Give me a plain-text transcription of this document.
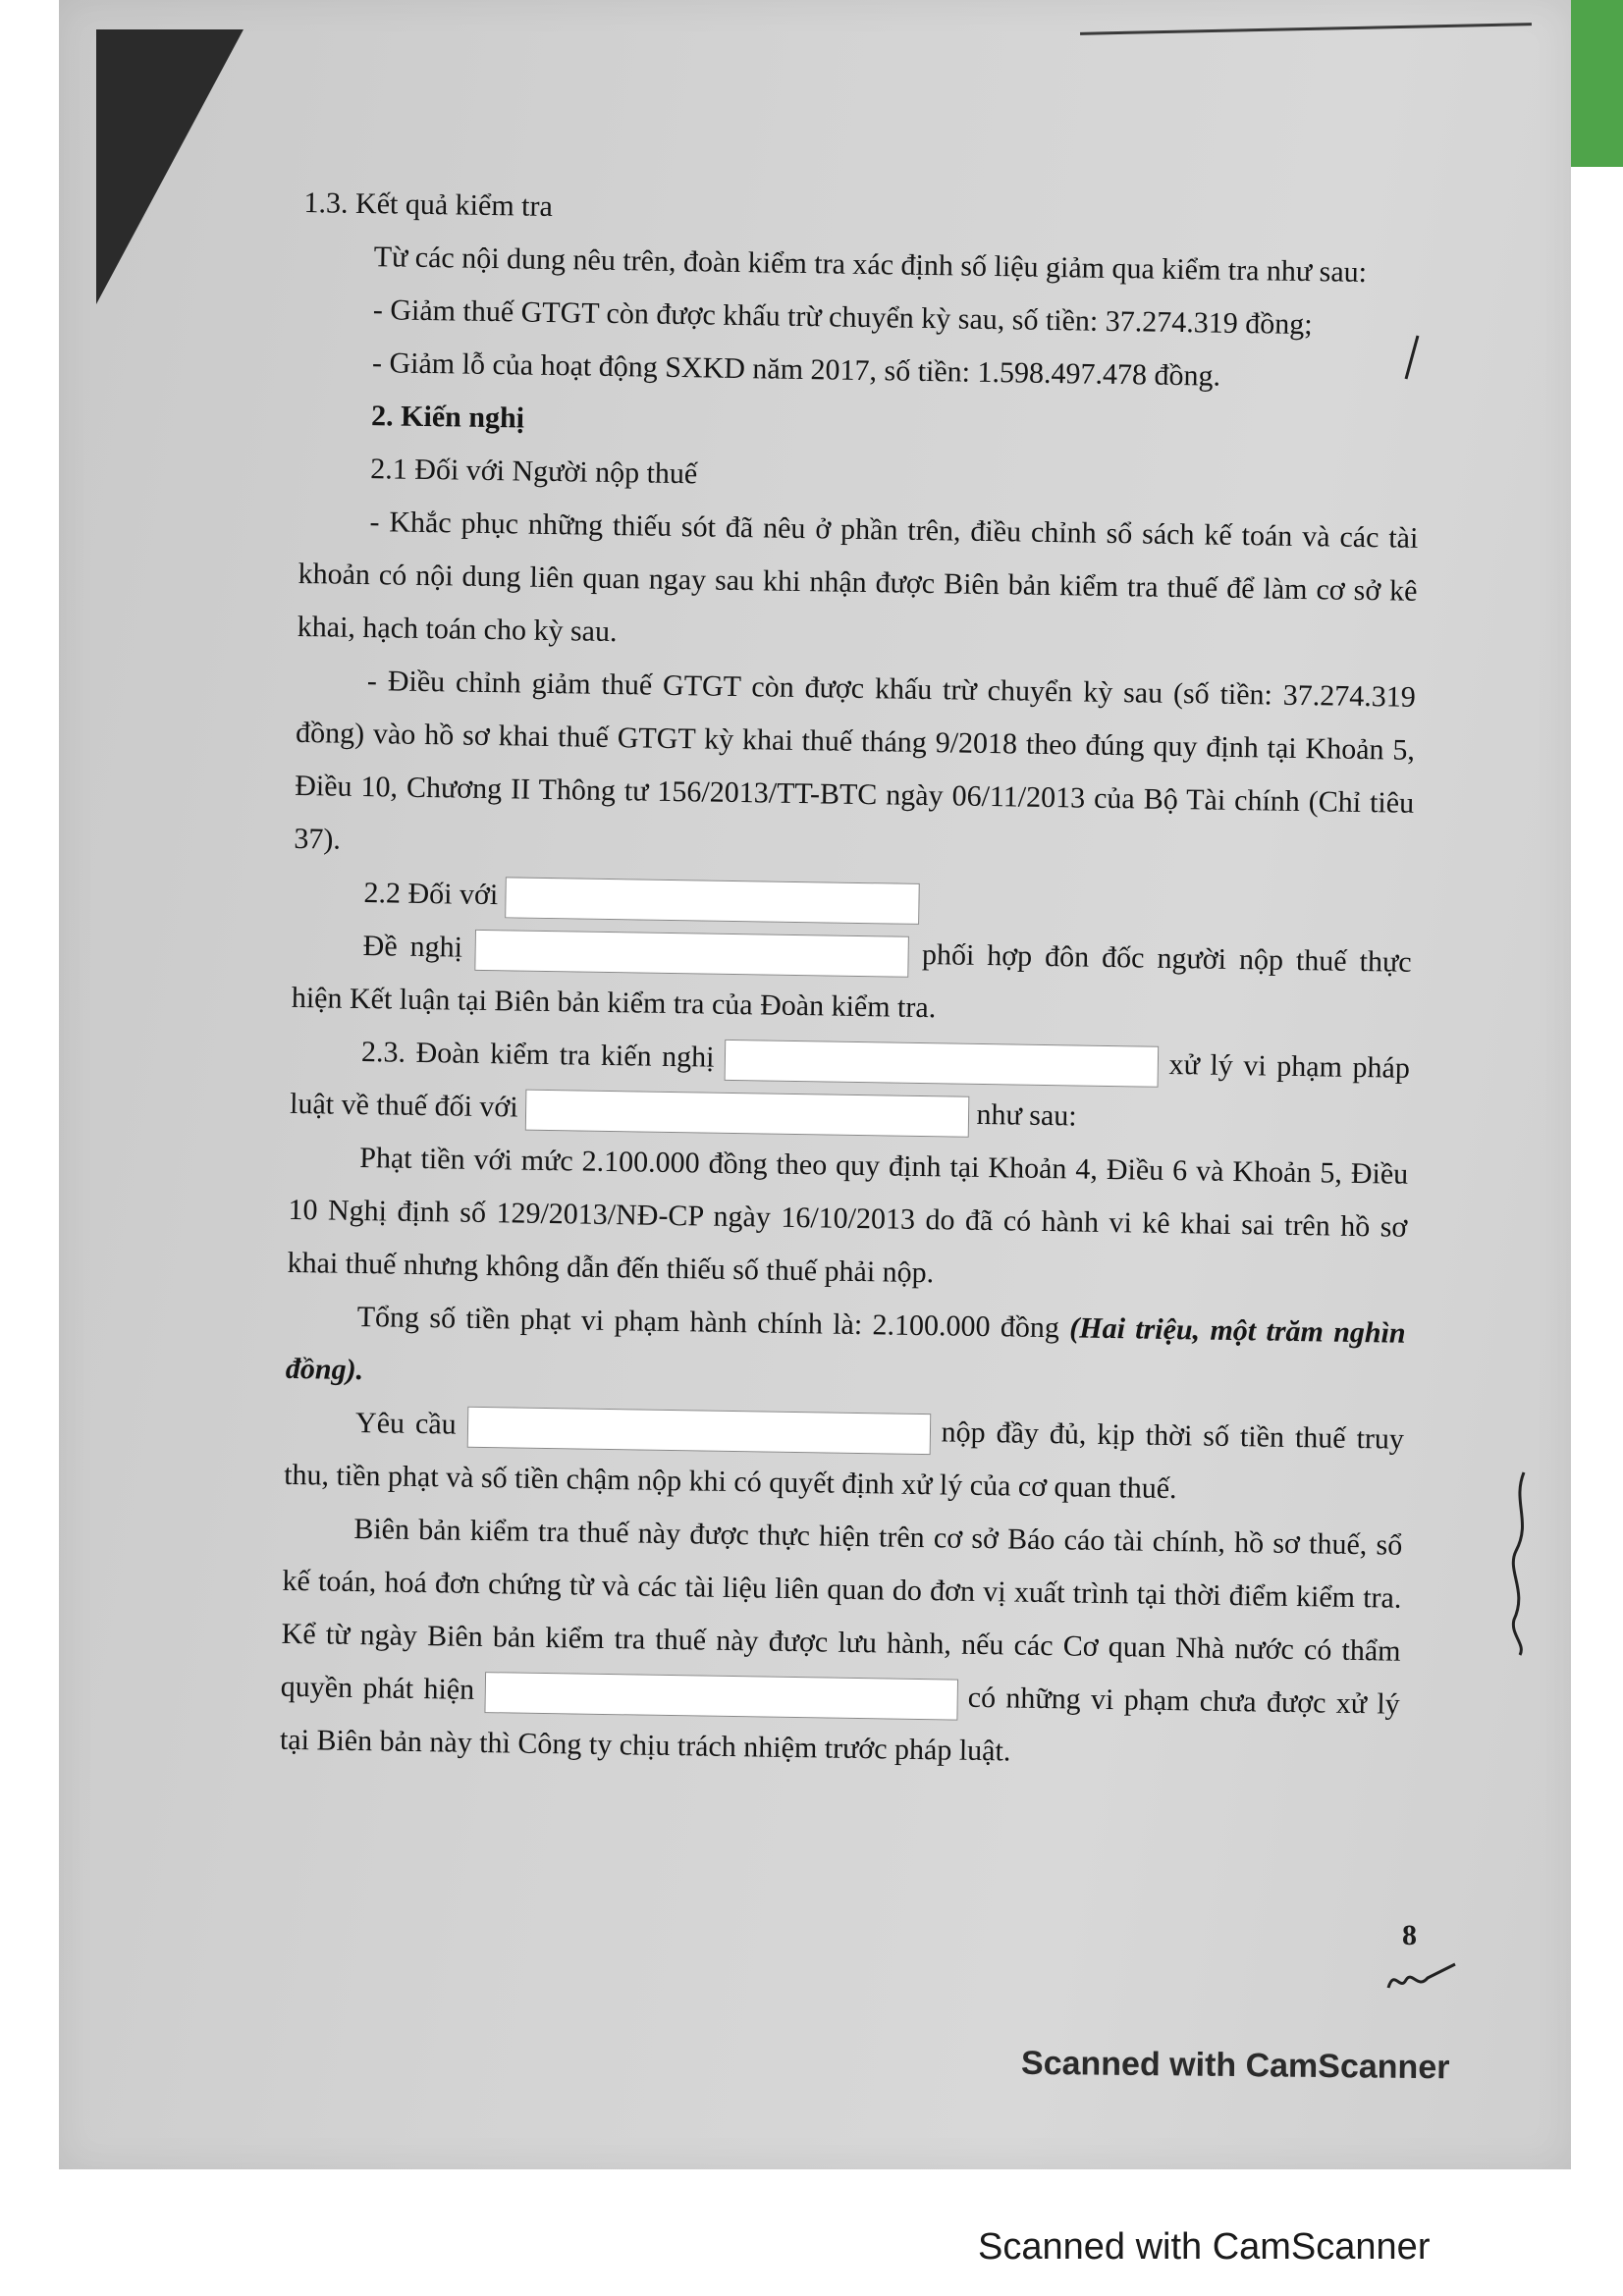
1.3. Kết quả kiểm tra

Từ các nội dung nêu trên, đoàn kiểm tra xác định số liệu giảm qua kiểm tra như sau:

- Giảm thuế GTGT còn được khấu trừ chuyển kỳ sau, số tiền: 37.274.319 đồng;

- Giảm lỗ của hoạt động SXKD năm 2017, số tiền: 1.598.497.478 đồng.

2. Kiến nghị

2.1 Đối với Người nộp thuế

- Khắc phục những thiếu sót đã nêu ở phần trên, điều chỉnh sổ sách kế toán và các tài khoản có nội dung liên quan ngay sau khi nhận được Biên bản kiểm tra thuế để làm cơ sở kê khai, hạch toán cho kỳ sau.

- Điều chỉnh giảm thuế GTGT còn được khấu trừ chuyển kỳ sau (số tiền: 37.274.319 đồng) vào hồ sơ khai thuế GTGT kỳ khai thuế tháng 9/2018 theo đúng quy định tại Khoản 5, Điều 10, Chương II Thông tư 156/2013/TT-BTC ngày 06/11/2013 của Bộ Tài chính (Chỉ tiêu 37).

2.2 Đối với

Đề nghị	phối hợp đôn đốc người nộp thuế thực hiện Kết luận tại Biên bản kiểm tra của Đoàn kiểm tra.

2.3. Đoàn kiểm tra kiến nghị	xử lý vi phạm pháp luật về thuế đối với	như sau:

Phạt tiền với mức 2.100.000 đồng theo quy định tại Khoản 4, Điều 6 và Khoản 5, Điều 10 Nghị định số 129/2013/NĐ-CP ngày 16/10/2013 do đã có hành vi kê khai sai trên hồ sơ khai thuế nhưng không dẫn đến thiếu số thuế phải nộp.

Tổng số tiền phạt vi phạm hành chính là: 2.100.000 đồng (Hai triệu, một trăm nghìn đồng).

Yêu cầu	nộp đầy đủ, kịp thời số tiền thuế truy thu, tiền phạt và số tiền chậm nộp khi có quyết định xử lý của cơ quan thuế.

Biên bản kiểm tra thuế này được thực hiện trên cơ sở Báo cáo tài chính, hồ sơ thuế, sổ kế toán, hoá đơn chứng từ và các tài liệu liên quan do đơn vị xuất trình tại thời điểm kiểm tra. Kể từ ngày Biên bản kiểm tra thuế này được lưu hành, nếu các Cơ quan Nhà nước có thẩm quyền phát hiện	có những vi phạm chưa được xử lý tại Biên bản này thì Công ty chịu trách nhiệm trước pháp luật.

8
Scanned with CamScanner
Scanned with CamScanner
